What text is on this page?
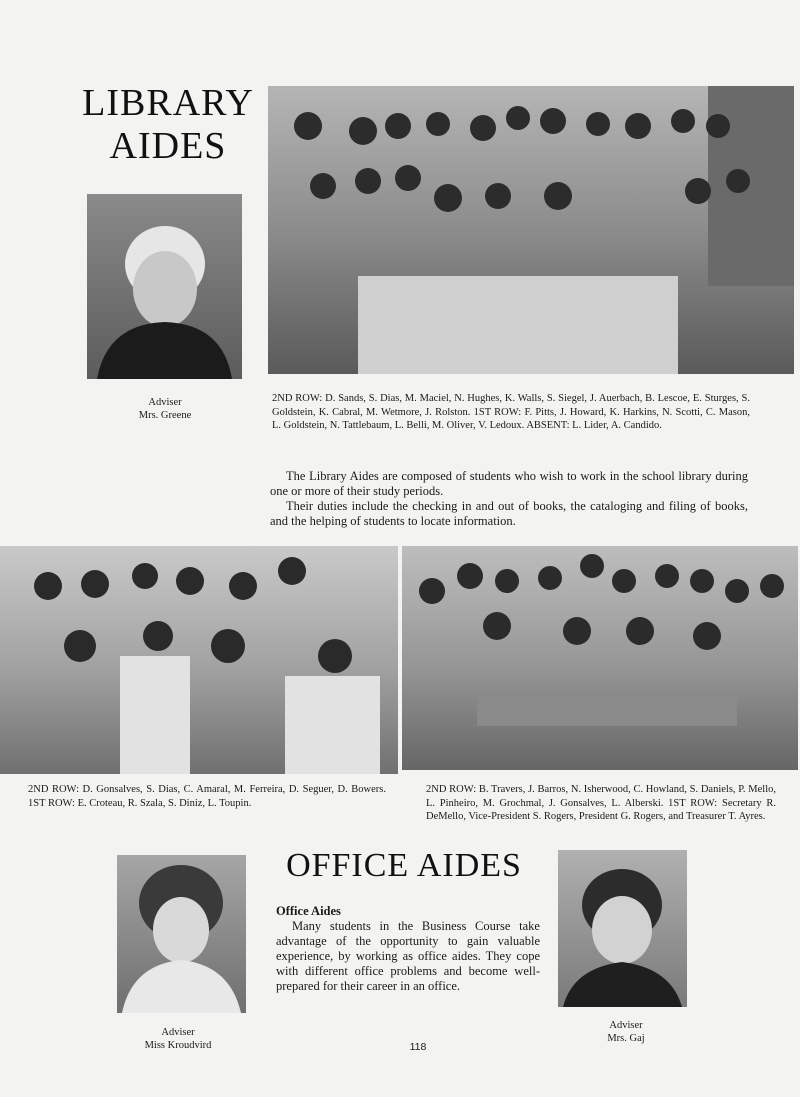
LIBRARY
AIDES
Adviser
Mrs. Greene
2ND ROW: D. Sands, S. Dias, M. Maciel, N. Hughes, K. Walls, S. Siegel, J. Auerbach, B. Lescoe, E. Sturges, S. Goldstein, K. Cabral, M. Wetmore, J. Rolston. 1ST ROW: F. Pitts, J. Howard, K. Harkins, N. Scotti, C. Mason, L. Goldstein, N. Tattlebaum, L. Belli, M. Oliver, V. Ledoux. ABSENT: L. Lider, A. Candido.

The Library Aides are composed of students who wish to work in the school library during one or more of their study periods.

Their duties include the checking in and out of books, the cataloging and filing of books, and the helping of students to locate information.

2ND ROW: D. Gonsalves, S. Dias, C. Amaral, M. Ferreira, D. Seguer, D. Bowers. 1ST ROW: E. Croteau, R. Szala, S. Diniz, L. Toupin.
2ND ROW: B. Travers, J. Barros, N. Isherwood, C. Howland, S. Daniels, P. Mello, L. Pinheiro, M. Grochmal, J. Gonsalves, L. Alberski. 1ST ROW: Secretary R. DeMello, Vice-President S. Rogers, President G. Rogers, and Treasurer T. Ayres.
OFFICE AIDES
Adviser
Miss Kroudvird
Office Aides

Many students in the Business Course take advantage of the opportunity to gain valuable experience, by working as office aides. They cope with different office problems and become well-prepared for their career in an office.

Adviser
Mrs. Gaj
118
